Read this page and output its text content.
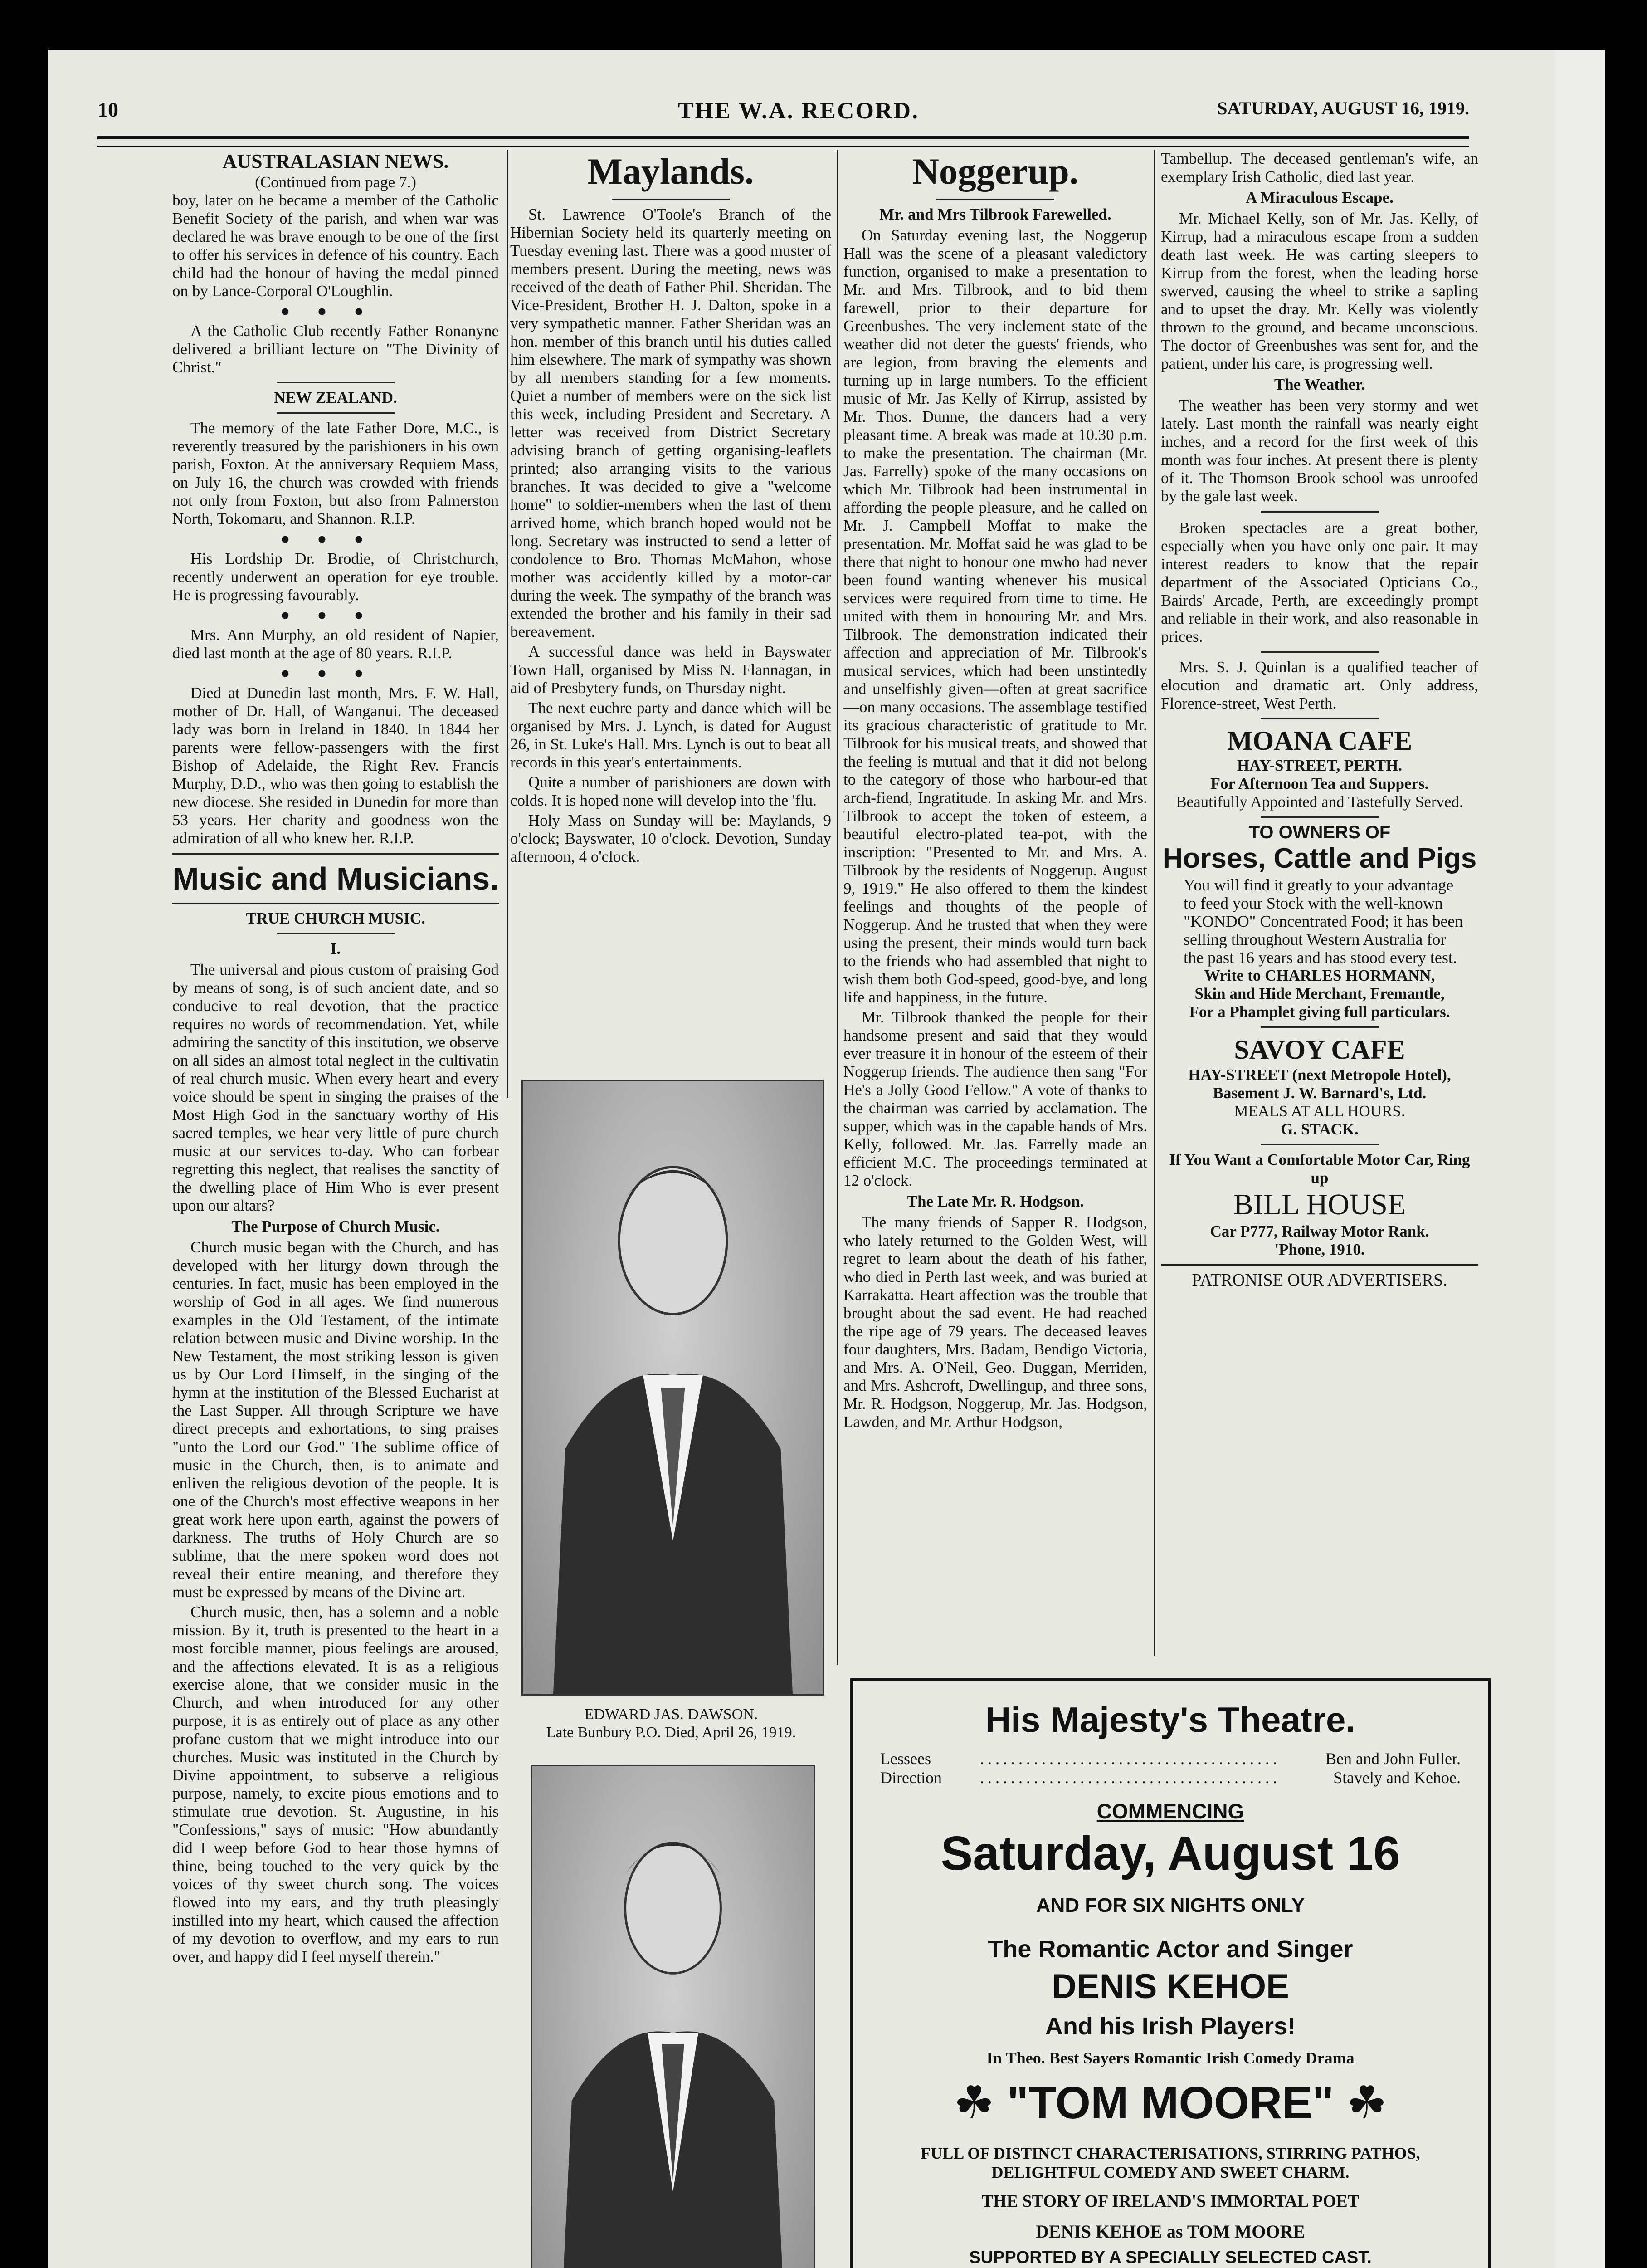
10	THE W.A. RECORD.	SATURDAY, AUGUST 16, 1919.
AUSTRALASIAN NEWS.
(Continued from page 7.)

boy, later on he became a member of the Catholic Benefit Society of the parish, and when war was declared he was brave enough to be one of the first to offer his services in defence of his country. Each child had the honour of having the medal pinned on by Lance-Corporal O'Loughlin.

●●●

A the Catholic Club recently Father Ronanyne delivered a brilliant lecture on "The Divinity of Christ."

NEW ZEALAND.

The memory of the late Father Dore, M.C., is reverently treasured by the parishioners in his own parish, Foxton. At the anniversary Requiem Mass, on July 16, the church was crowded with friends not only from Foxton, but also from Palmerston North, Tokomaru, and Shannon. R.I.P.

●●●

His Lordship Dr. Brodie, of Christchurch, recently underwent an operation for eye trouble. He is progressing favourably.

●●●

Mrs. Ann Murphy, an old resident of Napier, died last month at the age of 80 years. R.I.P.

●●●

Died at Dunedin last month, Mrs. F. W. Hall, mother of Dr. Hall, of Wanganui. The deceased lady was born in Ireland in 1840. In 1844 her parents were fellow-passengers with the first Bishop of Adelaide, the Right Rev. Francis Murphy, D.D., who was then going to establish the new diocese. She resided in Dunedin for more than 53 years. Her charity and goodness won the admiration of all who knew her. R.I.P.

Music and Musicians.
TRUE CHURCH MUSIC.
I.

The universal and pious custom of praising God by means of song, is of such ancient date, and so conducive to real devotion, that the practice requires no words of recommendation. Yet, while admiring the sanctity of this institution, we observe on all sides an almost total neglect in the cultivatin of real church music. When every heart and every voice should be spent in singing the praises of the Most High God in the sanctuary worthy of His sacred temples, we hear very little of pure church music at our services to-day. Who can forbear regretting this neglect, that realises the sanctity of the dwelling place of Him Who is ever present upon our altars?

The Purpose of Church Music.

Church music began with the Church, and has developed with her liturgy down through the centuries. In fact, music has been employed in the worship of God in all ages. We find numerous examples in the Old Testament, of the intimate relation between music and Divine worship. In the New Testament, the most striking lesson is given us by Our Lord Himself, in the singing of the hymn at the institution of the Blessed Eucharist at the Last Supper. All through Scripture we have direct precepts and exhortations, to sing praises "unto the Lord our God." The sublime office of music in the Church, then, is to animate and enliven the religious devotion of the people. It is one of the Church's most effective weapons in her great work here upon earth, against the powers of darkness. The truths of Holy Church are so sublime, that the mere spoken word does not reveal their entire meaning, and therefore they must be expressed by means of the Divine art.

Church music, then, has a solemn and a noble mission. By it, truth is presented to the heart in a most forcible manner, pious feelings are aroused, and the affections elevated. It is as a religious exercise alone, that we consider music in the Church, and when introduced for any other purpose, it is as entirely out of place as any other profane custom that we might introduce into our churches. Music was instituted in the Church by Divine appointment, to subserve a religious purpose, namely, to excite pious emotions and to stimulate true devotion. St. Augustine, in his "Confessions," says of music: "How abundantly did I weep before God to hear those hymns of thine, being touched to the very quick by the voices of thy sweet church song. The voices flowed into my ears, and thy truth pleasingly instilled into my heart, which caused the affection of my devotion to overflow, and my ears to run over, and happy did I feel myself therein."

Maylands.

St. Lawrence O'Toole's Branch of the Hibernian Society held its quarterly meeting on Tuesday evening last. There was a good muster of members present. During the meeting, news was received of the death of Father Phil. Sheridan. The Vice-President, Brother H. J. Dalton, spoke in a very sympathetic manner. Father Sheridan was an hon. member of this branch until his duties called him elsewhere. The mark of sympathy was shown by all members standing for a few moments. Quiet a number of members were on the sick list this week, including President and Secretary. A letter was received from District Secretary advising branch of getting organising-leaflets printed; also arranging visits to the various branches. It was decided to give a "welcome home" to soldier-members when the last of them arrived home, which branch hoped would not be long. Secretary was instructed to send a letter of condolence to Bro. Thomas McMahon, whose mother was accidently killed by a motor-car during the week. The sympathy of the branch was extended the brother and his family in their sad bereavement.

A successful dance was held in Bayswater Town Hall, organised by Miss N. Flannagan, in aid of Presbytery funds, on Thursday night.

The next euchre party and dance which will be organised by Mrs. J. Lynch, is dated for August 26, in St. Luke's Hall. Mrs. Lynch is out to beat all records in this year's entertainments.

Quite a number of parishioners are down with colds. It is hoped none will develop into the 'flu.

Holy Mass on Sunday will be: Maylands, 9 o'clock; Bayswater, 10 o'clock. Devotion, Sunday afternoon, 4 o'clock.

EDWARD JAS. DAWSON.
Late Bunbury P.O. Died, April 26, 1919.
Noggerup.
Mr. and Mrs Tilbrook Farewelled.

On Saturday evening last, the Noggerup Hall was the scene of a pleasant valedictory function, organised to make a presentation to Mr. and Mrs. Tilbrook, and to bid them farewell, prior to their departure for Greenbushes. The very inclement state of the weather did not deter the guests' friends, who are legion, from braving the elements and turning up in large numbers. To the efficient music of Mr. Jas Kelly of Kirrup, assisted by Mr. Thos. Dunne, the dancers had a very pleasant time. A break was made at 10.30 p.m. to make the presentation. The chairman (Mr. Jas. Farrelly) spoke of the many occasions on which Mr. Tilbrook had been instrumental in affording the people pleasure, and he called on Mr. J. Campbell Moffat to make the presentation. Mr. Moffat said he was glad to be there that night to honour one mwho had never been found wanting whenever his musical services were required from time to time. He united with them in honouring Mr. and Mrs. Tilbrook. The demonstration indicated their affection and appreciation of Mr. Tilbrook's musical services, which had been unstintedly and unselfishly given—often at great sacrifice—on many occasions. The assemblage testified its gracious characteristic of gratitude to Mr. Tilbrook for his musical treats, and showed that the feeling is mutual and that it did not belong to the category of those who harbour-ed that arch-fiend, Ingratitude. In asking Mr. and Mrs. Tilbrook to accept the token of esteem, a beautiful electro-plated tea-pot, with the inscription: "Presented to Mr. and Mrs. A. Tilbrook by the residents of Noggerup. August 9, 1919." He also offered to them the kindest feelings and thoughts of the people of Noggerup. And he trusted that when they were using the present, their minds would turn back to the friends who had assembled that night to wish them both God-speed, good-bye, and long life and happiness, in the future.

Mr. Tilbrook thanked the people for their handsome present and said that they would ever treasure it in honour of the esteem of their Noggerup friends. The audience then sang "For He's a Jolly Good Fellow." A vote of thanks to the chairman was carried by acclamation. The supper, which was in the capable hands of Mrs. Kelly, followed. Mr. Jas. Farrelly made an efficient M.C. The proceedings terminated at 12 o'clock.

The Late Mr. R. Hodgson.

The many friends of Sapper R. Hodgson, who lately returned to the Golden West, will regret to learn about the death of his father, who died in Perth last week, and was buried at Karrakatta. Heart affection was the trouble that brought about the sad event. He had reached the ripe age of 79 years. The deceased leaves four daughters, Mrs. Badam, Bendigo Victoria, and Mrs. A. O'Neil, Geo. Duggan, Merriden, and Mrs. Ashcroft, Dwellingup, and three sons, Mr. R. Hodgson, Noggerup, Mr. Jas. Hodgson, Lawden, and Mr. Arthur Hodgson,

Tambellup. The deceased gentleman's wife, an exemplary Irish Catholic, died last year.

A Miraculous Escape.

Mr. Michael Kelly, son of Mr. Jas. Kelly, of Kirrup, had a miraculous escape from a sudden death last week. He was carting sleepers to Kirrup from the forest, when the leading horse swerved, causing the wheel to strike a sapling and to upset the dray. Mr. Kelly was violently thrown to the ground, and became unconscious. The doctor of Greenbushes was sent for, and the patient, under his care, is progressing well.

The Weather.

The weather has been very stormy and wet lately. Last month the rainfall was nearly eight inches, and a record for the first week of this month was four inches. At present there is plenty of it. The Thomson Brook school was unroofed by the gale last week.

Broken spectacles are a great bother, especially when you have only one pair. It may interest readers to know that the repair department of the Associated Opticians Co., Bairds' Arcade, Perth, are exceedingly prompt and reliable in their work, and also reasonable in prices.

Mrs. S. J. Quinlan is a qualified teacher of elocution and dramatic art. Only address, Florence-street, West Perth.

MOANA CAFE
HAY-STREET, PERTH.
For Afternoon Tea and Suppers.
Beautifully Appointed and Tastefully Served.
TO OWNERS OF
Horses, Cattle and Pigs
You will find it greatly to your advantage to feed your Stock with the well-known "KONDO" Concentrated Food; it has been selling throughout Western Australia for the past 16 years and has stood every test.
Write to CHARLES HORMANN,
Skin and Hide Merchant, Fremantle,
For a Phamplet giving full particulars.
SAVOY CAFE
HAY-STREET (next Metropole Hotel),
Basement J. W. Barnard's, Ltd.
MEALS AT ALL HOURS.
G. STACK.
If You Want a Comfortable Motor Car, Ring up
BILL HOUSE
Car P777, Railway Motor Rank.
'Phone, 1910.
PATRONISE OUR ADVERTISERS.
His Majesty's Theatre.
Lessees	.......................................	Ben and John Fuller.
Direction .......................................	Stavely and Kehoe.
COMMENCING
Saturday, August 16
AND FOR SIX NIGHTS ONLY
The Romantic Actor and Singer
DENIS KEHOE
And his Irish Players!
In Theo. Best Sayers Romantic Irish Comedy Drama
☘ "TOM MOORE" ☘
FULL OF DISTINCT CHARACTERISATIONS, STIRRING PATHOS,
DELIGHTFUL COMEDY AND SWEET CHARM.
THE STORY OF IRELAND'S IMMORTAL POET
DENIS KEHOE as TOM MOORE
SUPPORTED BY A SPECIALLY SELECTED CAST.
